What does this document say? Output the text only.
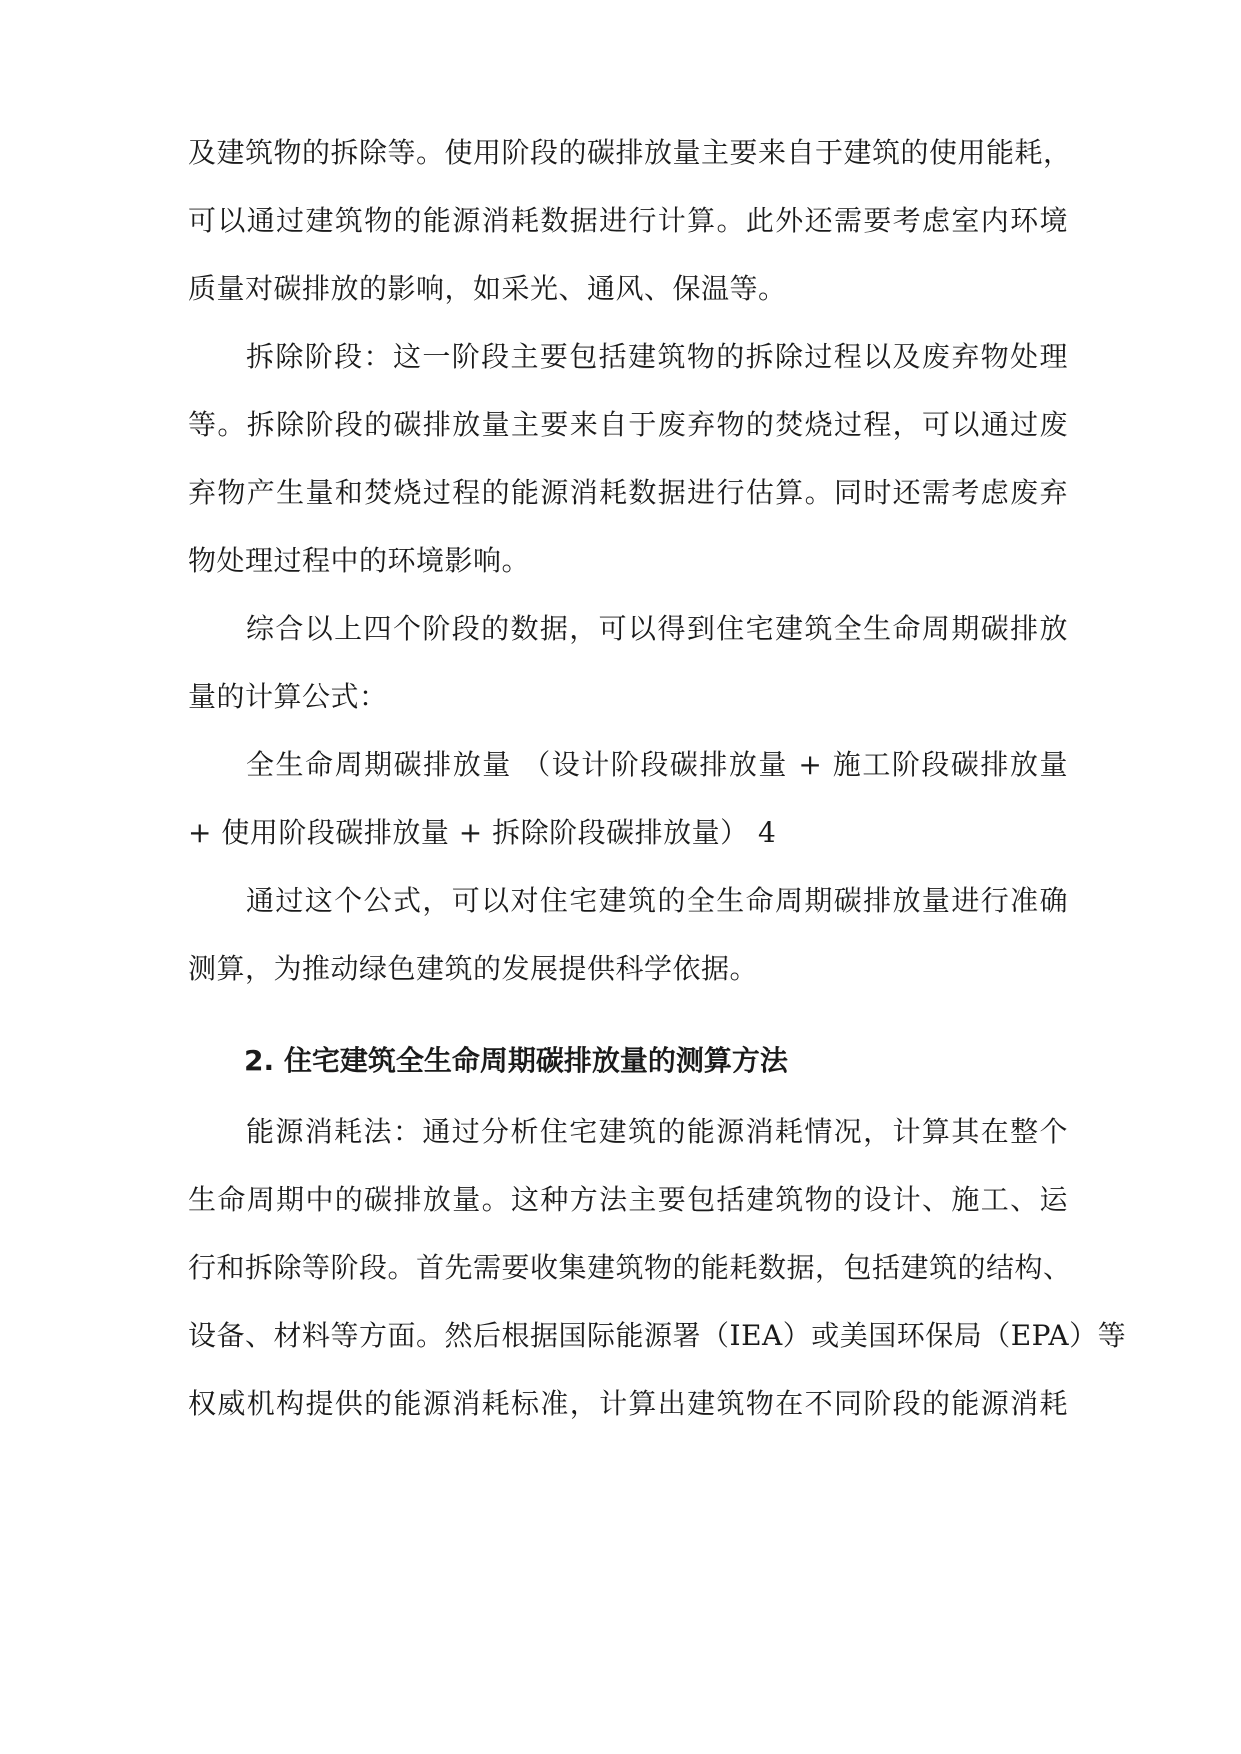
及建筑物的拆除等。使用阶段的碳排放量主要来自于建筑的使用能耗，
可以通过建筑物的能源消耗数据进行计算。此外还需要考虑室内环境
质量对碳排放的影响，如采光、通风、保温等。
拆除阶段：这一阶段主要包括建筑物的拆除过程以及废弃物处理
等。拆除阶段的碳排放量主要来自于废弃物的焚烧过程，可以通过废
弃物产生量和焚烧过程的能源消耗数据进行估算。同时还需考虑废弃
物处理过程中的环境影响。
综合以上四个阶段的数据，可以得到住宅建筑全生命周期碳排放
量的计算公式：
全生命周期碳排放量 （设计阶段碳排放量 + 施工阶段碳排放量
+ 使用阶段碳排放量 + 拆除阶段碳排放量） 4
通过这个公式，可以对住宅建筑的全生命周期碳排放量进行准确
测算，为推动绿色建筑的发展提供科学依据。
2. 住宅建筑全生命周期碳排放量的测算方法
能源消耗法：通过分析住宅建筑的能源消耗情况，计算其在整个
生命周期中的碳排放量。这种方法主要包括建筑物的设计、施工、运
行和拆除等阶段。首先需要收集建筑物的能耗数据，包括建筑的结构、
设备、材料等方面。然后根据国际能源署（IEA）或美国环保局（EPA）等
权威机构提供的能源消耗标准，计算出建筑物在不同阶段的能源消耗
